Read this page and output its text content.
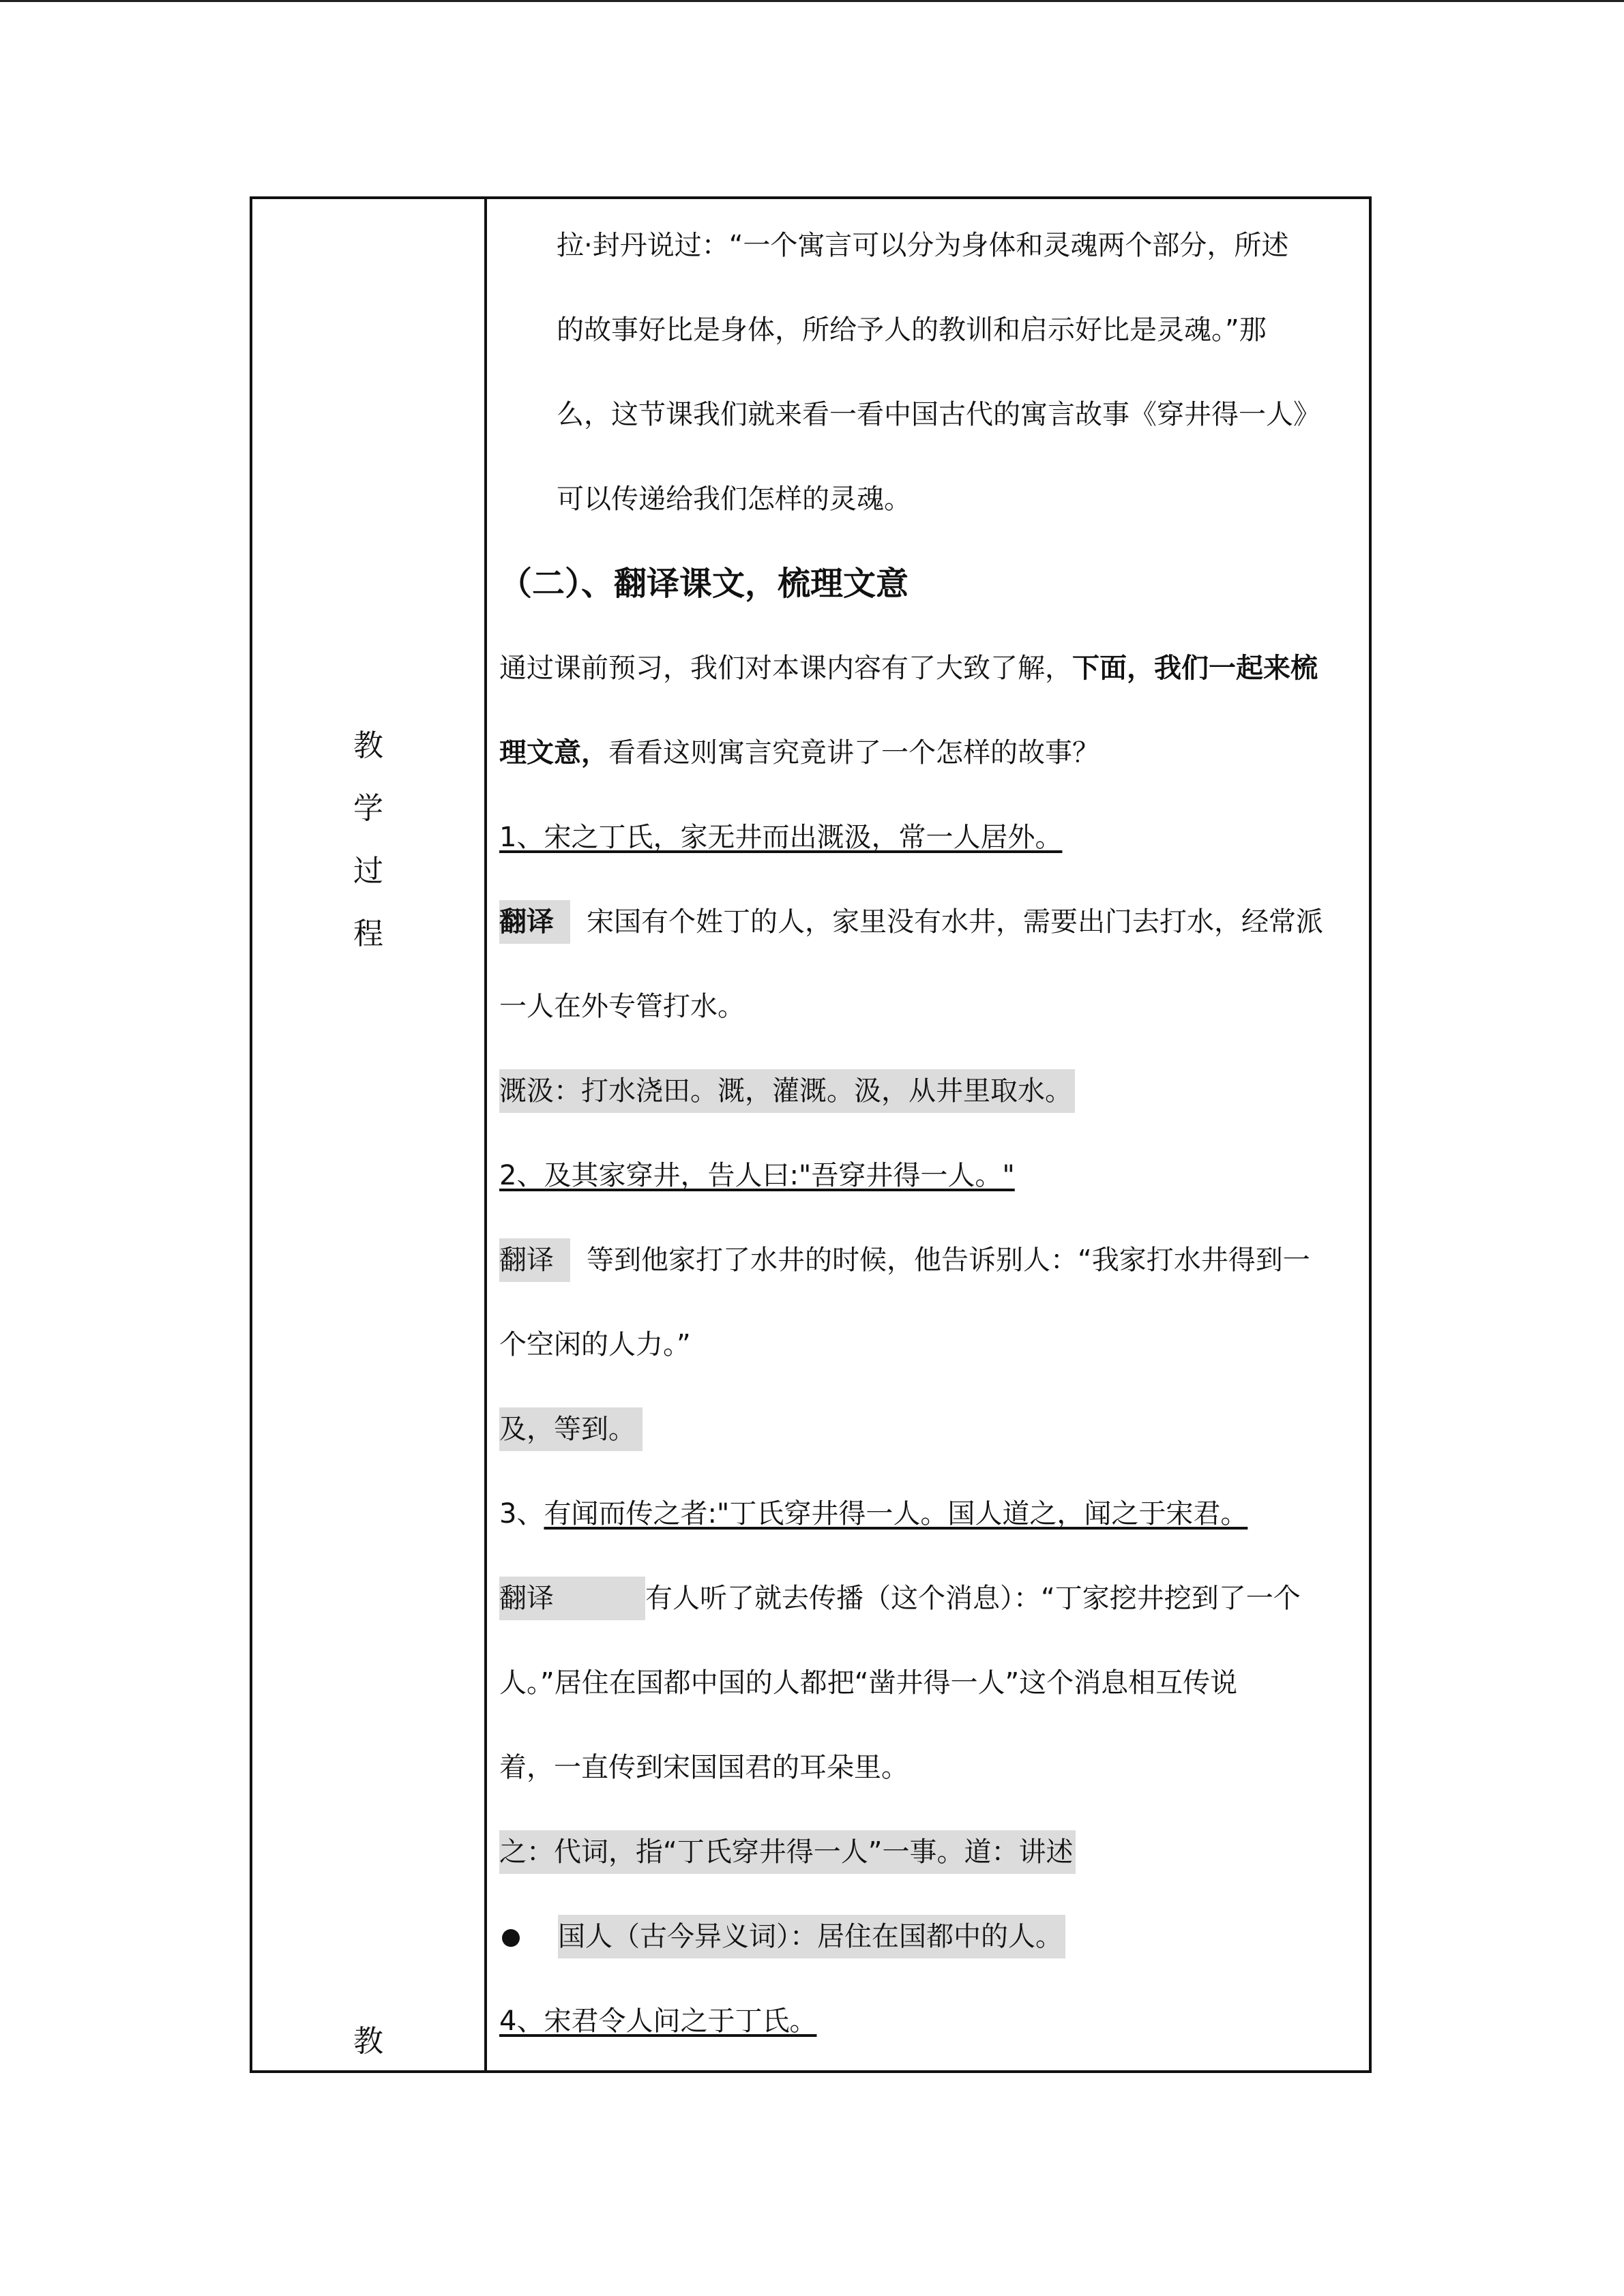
教
学
过
程
教
拉·封丹说过：“一个寓言可以分为身体和灵魂两个部分，所述
的故事好比是身体，所给予人的教训和启示好比是灵魂。”那
么，这节课我们就来看一看中国古代的寓言故事《穿井得一人》
可以传递给我们怎样的灵魂。
（二）、翻译课文，梳理文意
通过课前预习，我们对本课内容有了大致了解，下面，我们一起来梳
理文意，看看这则寓言究竟讲了一个怎样的故事？
1、宋之丁氏，家无井而出溉汲，常一人居外。
翻译 宋国有个姓丁的人，家里没有水井，需要出门去打水，经常派
一人在外专管打水。
溉汲：打水浇田。溉，灌溉。汲，从井里取水。
2、及其家穿井，告人曰:"吾穿井得一人。"
翻译 等到他家打了水井的时候，他告诉别人：“我家打水井得到一
个空闲的人力。”
及，等到。
3、有闻而传之者:"丁氏穿井得一人。国人道之，闻之于宋君。
翻译	有人听了就去传播（这个消息）：“丁家挖井挖到了一个
人。”居住在国都中国的人都把“凿井得一人”这个消息相互传说
着，一直传到宋国国君的耳朵里。
之：代词，指“丁氏穿井得一人”一事。道：讲述
国人（古今异义词）：居住在国都中的人。
4、宋君令人问之于丁氏。
